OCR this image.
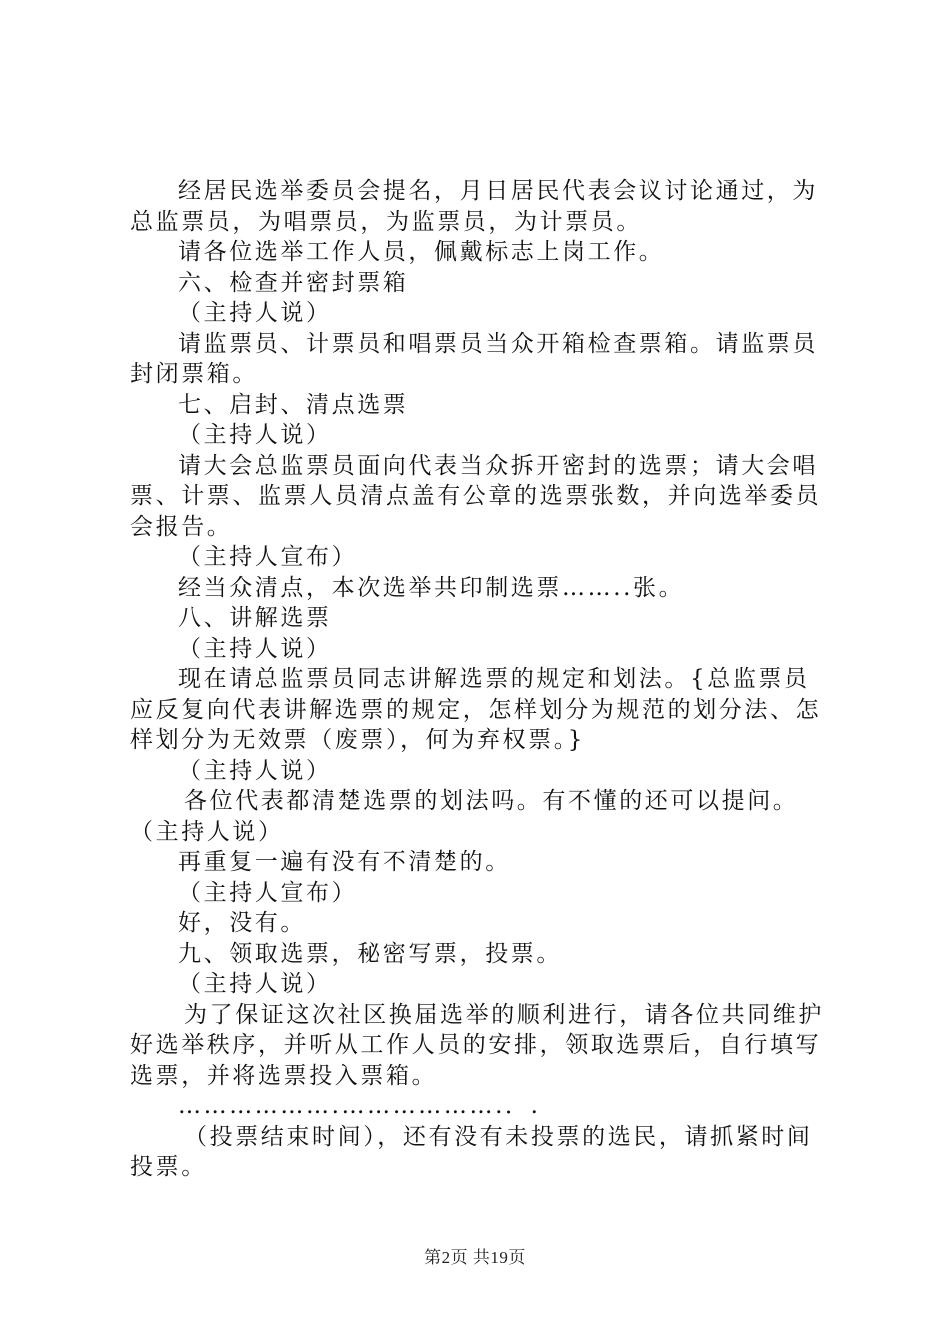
经居民选举委员会提名，月日居民代表会议讨论通过，为总监票员，为唱票员，为监票员，为计票员。

请各位选举工作人员，佩戴标志上岗工作。

六、检查并密封票箱

（主持人说）

请监票员、计票员和唱票员当众开箱检查票箱。请监票员封闭票箱。

七、启封、清点选票

（主持人说）

请大会总监票员面向代表当众拆开密封的选票；请大会唱票、计票、监票人员清点盖有公章的选票张数，并向选举委员会报告。

（主持人宣布）

经当众清点，本次选举共印制选票……..张。

八、讲解选票

（主持人说）

现在请总监票员同志讲解选票的规定和划法。{总监票员应反复向代表讲解选票的规定，怎样划分为规范的划分法、怎样划分为无效票（废票），何为弃权票。}

（主持人说）

各位代表都清楚选票的划法吗。有不懂的还可以提问。

（主持人说）

再重复一遍有没有不清楚的。

（主持人宣布）

好，没有。

九、领取选票，秘密写票，投票。

（主持人说）

为了保证这次社区换届选举的顺利进行，请各位共同维护好选举秩序，并听从工作人员的安排，领取选票后，自行填写选票，并将选票投入票箱。

……………….……………….．.

（投票结束时间），还有没有未投票的选民，请抓紧时间投票。

第2页 共19页
